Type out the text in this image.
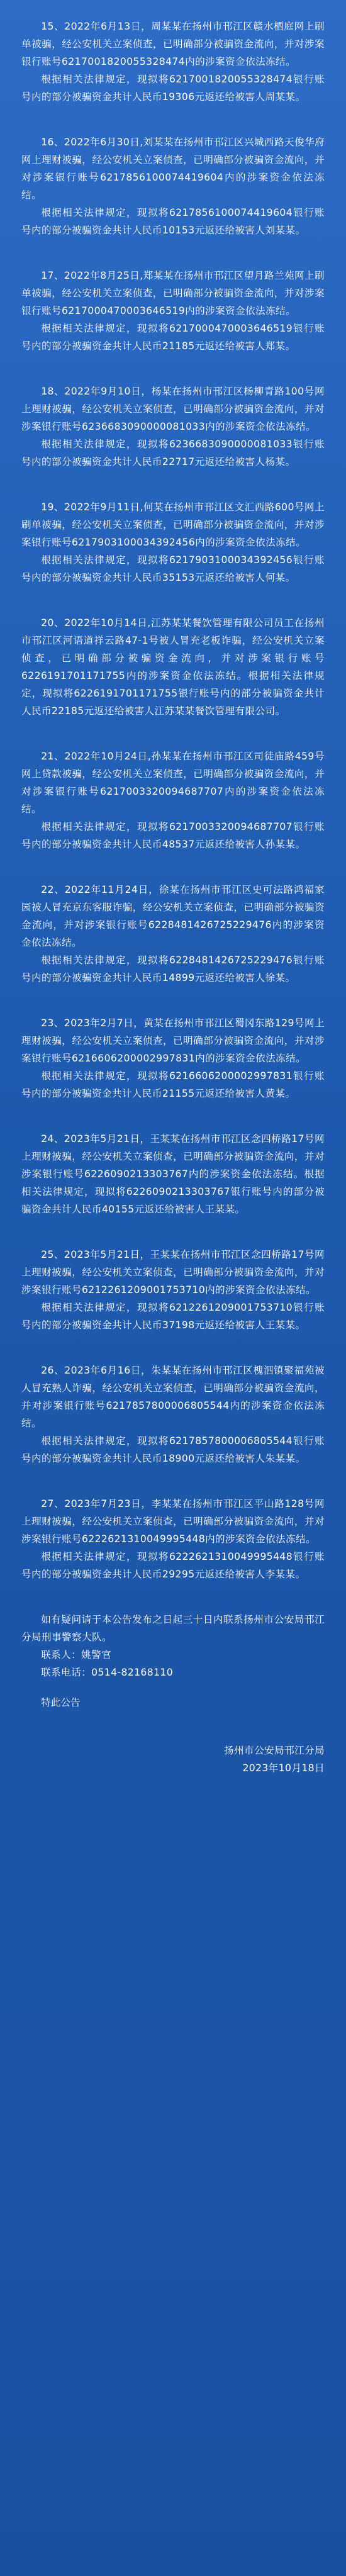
15、2022年6月13日，周某某在扬州市邗江区赣水栖庭网上刷单被骗，经公安机关立案侦查，已明确部分被骗资金流向，并对涉案银行账号6217001820055328474内的涉案资金依法冻结。

根据相关法律规定，现拟将6217001820055328474银行账号内的部分被骗资金共计人民币19306元返还给被害人周某某。

16、2022年6月30日,刘某某在扬州市邗江区兴城西路天俊华府网上理财被骗，经公安机关立案侦查，已明确部分被骗资金流向，并对涉案银行账号6217856100074419604内的涉案资金依法冻结。

根据相关法律规定，现拟将6217856100074419604银行账号内的部分被骗资金共计人民币10153元返还给被害人刘某某。

17、2022年8月25日,郑某某在扬州市邗江区望月路兰苑网上刷单被骗，经公安机关立案侦查，已明确部分被骗资金流向，并对涉案银行账号6217000470003646519内的涉案资金依法冻结。

根据相关法律规定，现拟将6217000470003646519银行账号内的部分被骗资金共计人民币21185元返还给被害人郑某。

18、2022年9月10日，杨某在扬州市邗江区杨柳青路100号网上理财被骗，经公安机关立案侦查，已明确部分被骗资金流向，并对涉案银行账号6236683090000081033内的涉案资金依法冻结。

根据相关法律规定，现拟将6236683090000081033银行账号内的部分被骗资金共计人民币22717元返还给被害人杨某。

19、2022年9月11日,何某在扬州市邗江区文汇西路600号网上刷单被骗，经公安机关立案侦查，已明确部分被骗资金流向，并对涉案银行账号6217903100034392456内的涉案资金依法冻结。

根据相关法律规定，现拟将6217903100034392456银行账号内的部分被骗资金共计人民币35153元返还给被害人何某。

20、2022年10月14日,江苏某某餐饮管理有限公司员工在扬州市邗江区河语道祥云路47-1号被人冒充老板诈骗，经公安机关立案侦查，已明确部分被骗资金流向，并对涉案银行账号6226191701171755内的涉案资金依法冻结。根据相关法律规定，现拟将6226191701171755银行账号内的部分被骗资金共计人民币22185元返还给被害人江苏某某餐饮管理有限公司。

21、2022年10月24日,孙某某在扬州市邗江区司徒庙路459号网上贷款被骗，经公安机关立案侦查，已明确部分被骗资金流向，并对涉案银行账号6217003320094687707内的涉案资金依法冻结。

根据相关法律规定，现拟将6217003320094687707银行账号内的部分被骗资金共计人民币48537元返还给被害人孙某某。

22、2022年11月24日，徐某在扬州市邗江区史可法路鸿福家园被人冒充京东客服诈骗，经公安机关立案侦查，已明确部分被骗资金流向，并对涉案银行账号6228481426725229476内的涉案资金依法冻结。

根据相关法律规定，现拟将6228481426725229476银行账号内的部分被骗资金共计人民币14899元返还给被害人徐某。

23、2023年2月7日，黄某在扬州市邗江区蜀冈东路129号网上理财被骗，经公安机关立案侦查，已明确部分被骗资金流向，并对涉案银行账号6216606200002997831内的涉案资金依法冻结。

根据相关法律规定，现拟将6216606200002997831银行账号内的部分被骗资金共计人民币21155元返还给被害人黄某。

24、2023年5月21日，王某某在扬州市邗江区念四桥路17号网上理财被骗，经公安机关立案侦查，已明确部分被骗资金流向，并对涉案银行账号6226090213303767内的涉案资金依法冻结。根据相关法律规定，现拟将6226090213303767银行账号内的部分被骗资金共计人民币40155元返还给被害人王某某。

25、2023年5月21日，王某某在扬州市邗江区念四桥路17号网上理财被骗，经公安机关立案侦查，已明确部分被骗资金流向，并对涉案银行账号6212261209001753710内的涉案资金依法冻结。

根据相关法律规定，现拟将6212261209001753710银行账号内的部分被骗资金共计人民币37198元返还给被害人王某某。

26、2023年6月16日，朱某某在扬州市邗江区槐泗镇聚福苑被人冒充熟人诈骗，经公安机关立案侦查，已明确部分被骗资金流向，并对涉案银行账号6217857800006805544内的涉案资金依法冻结。

根据相关法律规定，现拟将6217857800006805544银行账号内的部分被骗资金共计人民币18900元返还给被害人朱某某。

27、2023年7月23日，李某某在扬州市邗江区平山路128号网上理财被骗，经公安机关立案侦查，已明确部分被骗资金流向，并对涉案银行账号6222621310049995448内的涉案资金依法冻结。

根据相关法律规定，现拟将6222621310049995448银行账号内的部分被骗资金共计人民币29295元返还给被害人李某某。

如有疑问请于本公告发布之日起三十日内联系扬州市公安局邗江分局刑事警察大队。

联系人：姚警官

联系电话：0514-82168110

特此公告

扬州市公安局邗江分局
2023年10月18日
